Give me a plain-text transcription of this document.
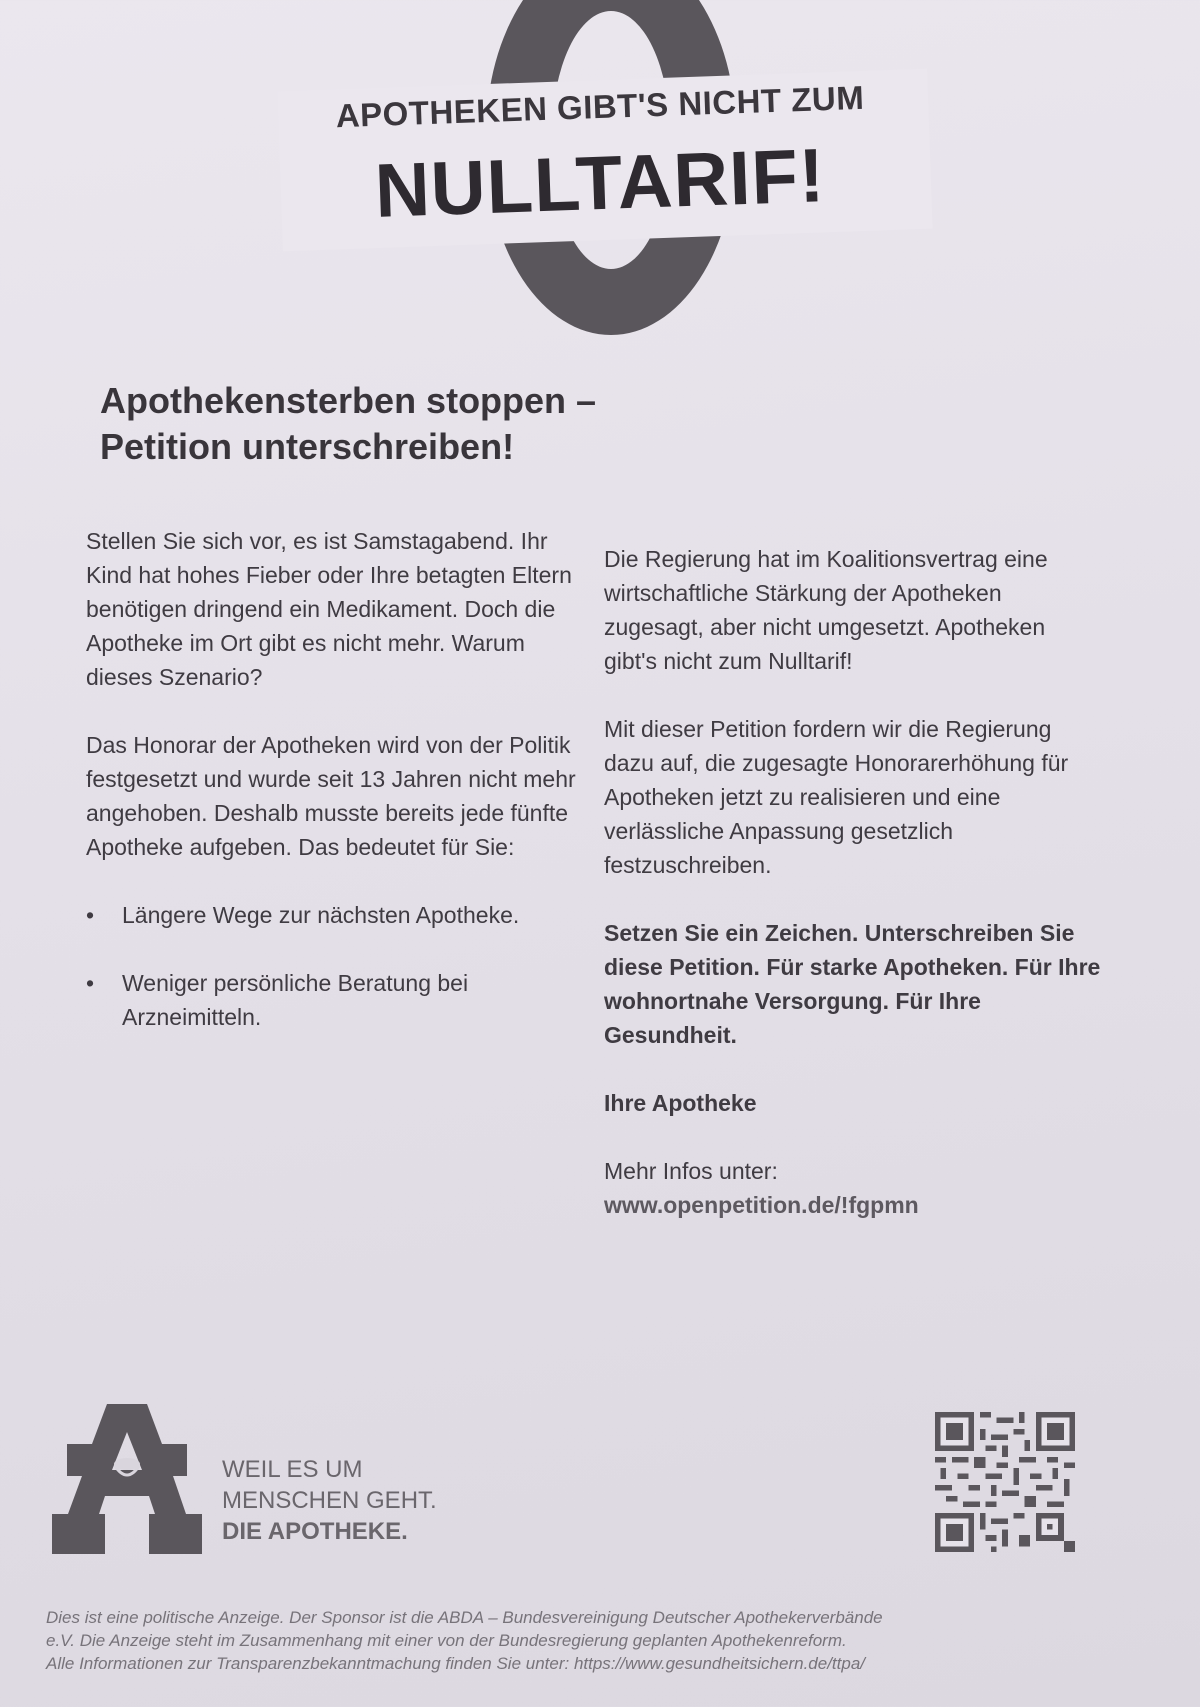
APOTHEKEN GIBT'S NICHT ZUM
NULLTARIF!
Apothekensterben stoppen –
Petition unterschreiben!

Stellen Sie sich vor, es ist Samstagabend. Ihr Kind hat hohes Fieber oder Ihre betagten Eltern benötigen dringend ein Medikament. Doch die Apotheke im Ort gibt es nicht mehr. Warum dieses Szenario?

Das Honorar der Apotheken wird von der Politik festgesetzt und wurde seit 13 Jahren nicht mehr angehoben. Deshalb musste bereits jede fünfte Apotheke aufgeben. Das bedeutet für Sie:

• Längere Wege zur nächsten Apotheke.
• Weniger persönliche Beratung bei Arzneimitteln.

Die Regierung hat im Koalitionsvertrag eine wirtschaftliche Stärkung der Apotheken zugesagt, aber nicht umgesetzt. Apotheken gibt's nicht zum Nulltarif!

Mit dieser Petition fordern wir die Regierung dazu auf, die zugesagte Honorarerhöhung für Apotheken jetzt zu realisieren und eine verlässliche Anpassung gesetzlich festzuschreiben.

Setzen Sie ein Zeichen. Unterschreiben Sie diese Petition. Für starke Apotheken. Für Ihre wohnortnahe Versorgung. Für Ihre Gesundheit.

Ihre Apotheke

Mehr Infos unter:
www.openpetition.de/!fgpmn
WEIL ES UM
MENSCHEN GEHT.
DIE APOTHEKE.
Dies ist eine politische Anzeige. Der Sponsor ist die ABDA – Bundesvereinigung Deutscher Apothekerverbände
e.V. Die Anzeige steht im Zusammenhang mit einer von der Bundesregierung geplanten Apothekenreform.
Alle Informationen zur Transparenzbekanntmachung finden Sie unter: https://www.gesundheitsichern.de/ttpa/
